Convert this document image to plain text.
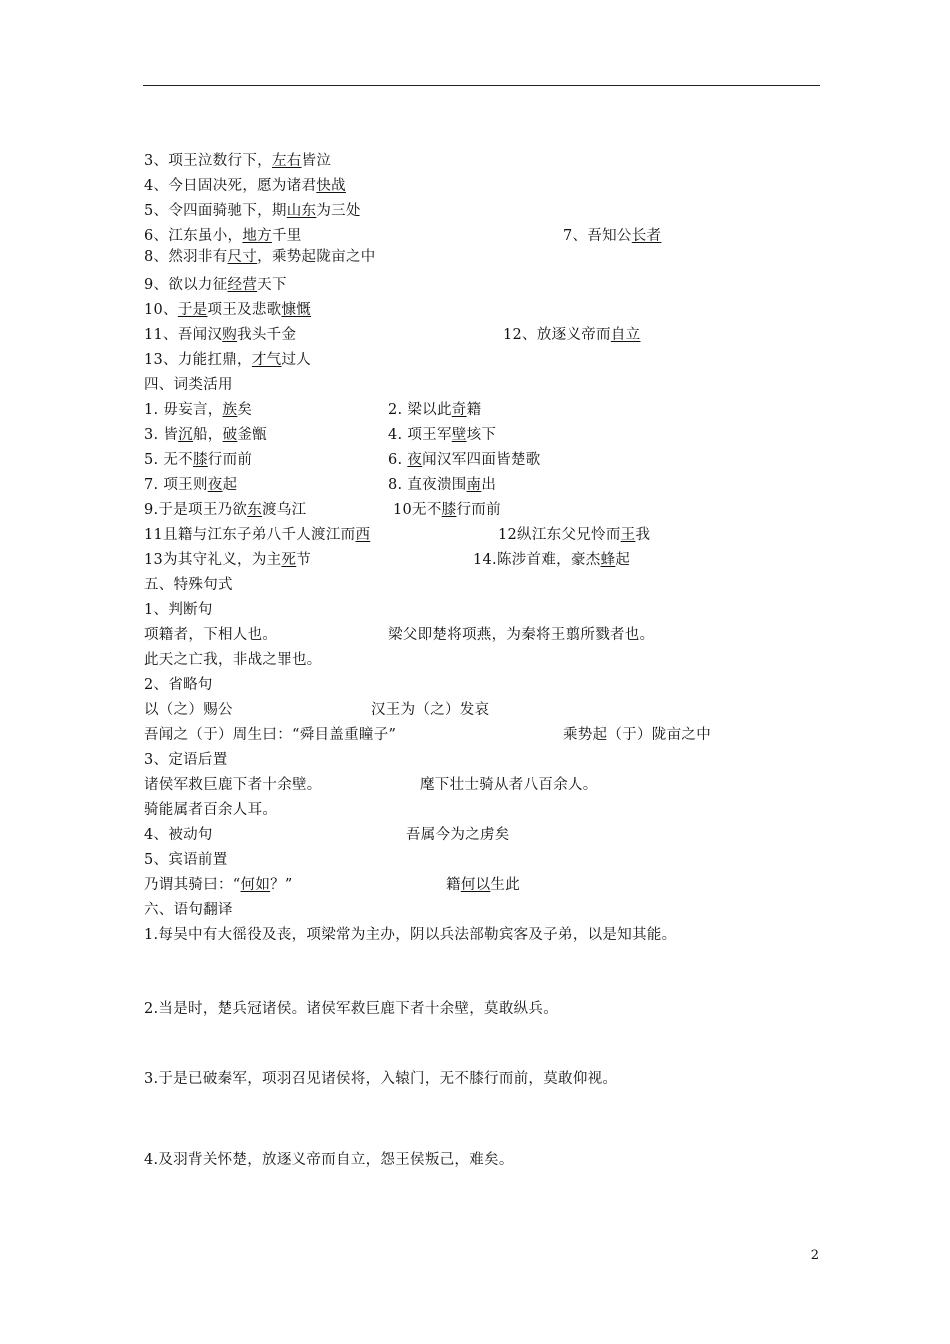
3、项王泣数行下，左右皆泣
4、今日固决死，愿为诸君快战
5、令四面骑驰下，期山东为三处
6、江东虽小，地方千里	7、吾知公长者
8、然羽非有尺寸，乘势起陇亩之中
9、欲以力征经营天下
10、于是项王及悲歌慷慨
11、吾闻汉购我头千金	12、放逐义帝而自立
13、力能扛鼎，才气过人
四、词类活用
1. 毋妄言，族矣	2. 梁以此奇籍
3. 皆沉船，破釜甑	4. 项王军壁垓下
5. 无不膝行而前	6. 夜闻汉军四面皆楚歌
7. 项王则夜起	8. 直夜溃围南出
9.于是项王乃欲东渡乌江	10无不膝行而前
11且籍与江东子弟八千人渡江而西	12纵江东父兄怜而王我
13为其守礼义，为主死节	14.陈涉首难，豪杰蜂起
五、特殊句式
1、判断句
项籍者，下相人也。	梁父即楚将项燕，为秦将王翦所戮者也。
此天之亡我，非战之罪也。
2、省略句
以（之）赐公	汉王为（之）发哀
吾闻之（于）周生曰：“舜目盖重瞳子”	乘势起（于）陇亩之中
3、定语后置
诸侯军救巨鹿下者十余壁。	麾下壮士骑从者八百余人。
骑能属者百余人耳。
4、被动句	吾属今为之虏矣
5、宾语前置
乃谓其骑曰：“何如？”	籍何以生此
六、语句翻译
1.每吴中有大徭役及丧，项梁常为主办，阴以兵法部勒宾客及子弟，以是知其能。
2.当是时，楚兵冠诸侯。诸侯军救巨鹿下者十余壁，莫敢纵兵。
3.于是已破秦军，项羽召见诸侯将，入辕门，无不膝行而前，莫敢仰视。
4.及羽背关怀楚，放逐义帝而自立，怨王侯叛己，难矣。
2
